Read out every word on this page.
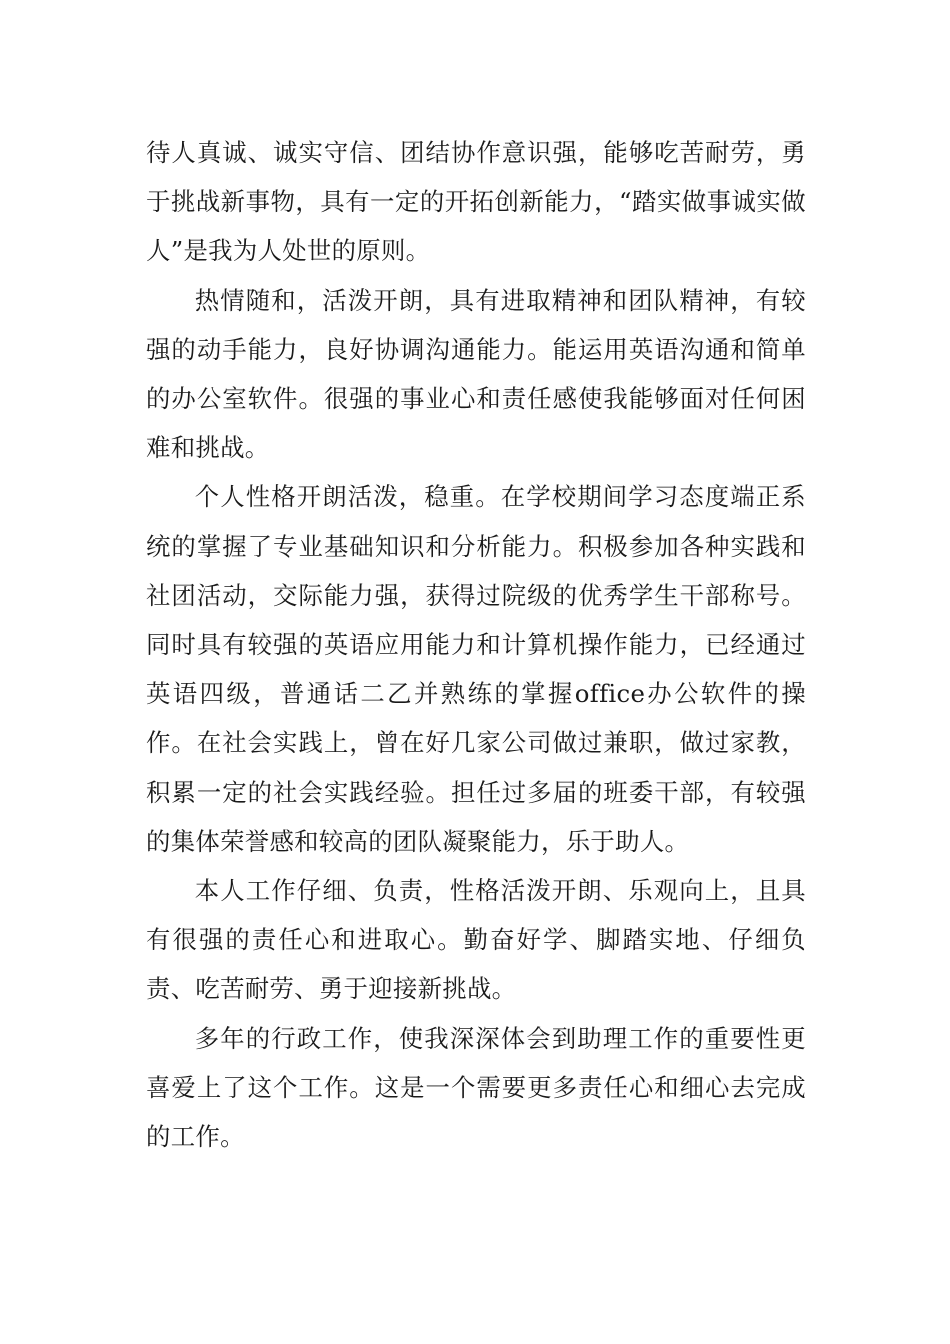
待人真诚、诚实守信、团结协作意识强，能够吃苦耐劳，勇于挑战新事物，具有一定的开拓创新能力，“踏实做事诚实做人”是我为人处世的原则。

热情随和，活泼开朗，具有进取精神和团队精神，有较强的动手能力，良好协调沟通能力。能运用英语沟通和简单的办公室软件。很强的事业心和责任感使我能够面对任何困难和挑战。

个人性格开朗活泼，稳重。在学校期间学习态度端正系统的掌握了专业基础知识和分析能力。积极参加各种实践和社团活动，交际能力强，获得过院级的优秀学生干部称号。同时具有较强的英语应用能力和计算机操作能力，已经通过英语四级，普通话二乙并熟练的掌握office办公软件的操作。在社会实践上，曾在好几家公司做过兼职，做过家教，积累一定的社会实践经验。担任过多届的班委干部，有较强的集体荣誉感和较高的团队凝聚能力，乐于助人。

本人工作仔细、负责，性格活泼开朗、乐观向上，且具有很强的责任心和进取心。勤奋好学、脚踏实地、仔细负责、吃苦耐劳、勇于迎接新挑战。

多年的行政工作，使我深深体会到助理工作的重要性更喜爱上了这个工作。这是一个需要更多责任心和细心去完成的工作。
